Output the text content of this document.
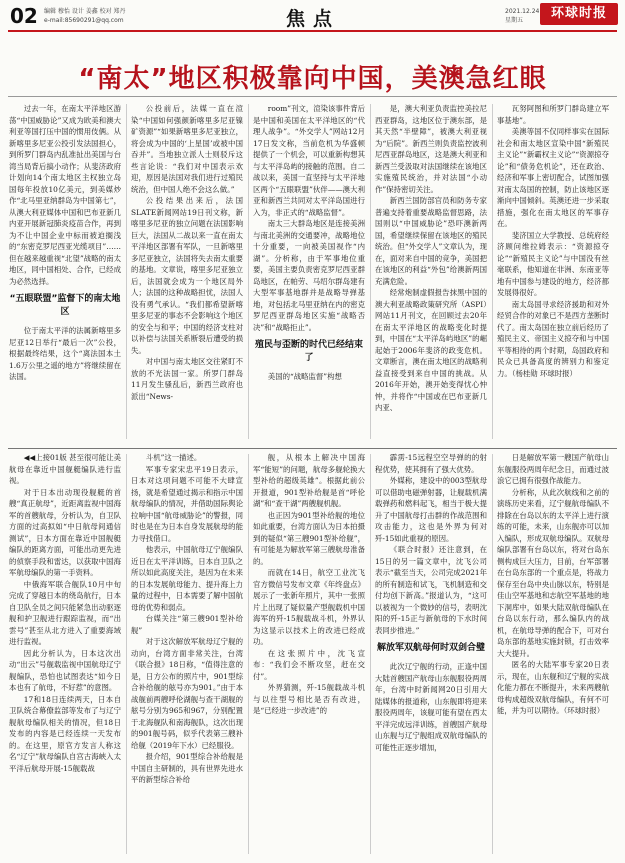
02 编辑 穆怡 设计 姜鑫 校对 郑丹
e-mail:85690291@qq.com	焦点	2021.12.24
星期五	环球时报
“南太”地区积极靠向中国，美澳急红眼

过去一年，在南太平洋地区游荡“中国威胁论”又成为欧美和澳大利亚等国打压中国的惯用伎俩。从新喀里多尼亚公投引发法国担心，到所罗门群岛内乱准扯出美国与台湾当局背后搞小动作；从斐济政府计划向14个南太地区主权独立岛国每年投放10亿美元，到美媒炒作“北马里亚纳群岛为中国第七”，从澳大利亚媒体中国和巴布亚新几内亚开展新冠肺炎疫苗合作，再到为不让中国企业中标而被迫搁浅的“东密克罗尼西亚光缆项目”……但在越来越重视“北望”战略的南太地区，同中国相处、合作，已经成为必然选择。

“五眼联盟”监督下的南太地区

位于南太平洋的法属新喀里多尼亚12日举行“最后一次”公投，根据最终结果，这个“离法国本土1.6万公里之遥的地方”将继续留在法国。

公投前后，法媒一直在渲染“中国如何强颜新喀里多尼亚镍矿资源”“如果新喀里多尼亚独立，将会成为中国的‘上星国’或被中国吞并”。当地独立派人士则驳斥这些言论说：“我们对中国表示欢迎，原因是法国对我们进行过殖民统治，但中国人绝不会这么做。”

公投结果出来后，法国SLATE新闻网站19日刊文称，新喀里多尼亚的独立问题在法国影响巨大，法国从二战以来一直在南太平洋地区部署有军队，一旦新喀里多尼亚独立，法国将失去南太重要的基地。文章说，喀里多尼亚独立后，法国就会成为一个地区局外人；法国的这种战略担忧，法国人没有勇气承认。“我们都希望新喀里多尼亚的事态不会影响这个地区的安全与和平；中国的经济支柱对以补偿与法国关系断裂后遭受的损失。

对中国与南太地区交往紧盯不放的不光法国一家。所罗门群岛11月发生骚乱后，新西兰政府也派出“News-

room”刊文，渲染该事件背后是中国和美国在太平洋地区的“代理人战争”。“外交学人”网站12月17日发文称，当前危机为华盛顿提供了一个机会，可以重新构想其与太平洋岛屿的接触的范围。自二战以来，美国一直坚持与太平洋地区两个“五眼联盟”伙伴——澳大利亚和新西兰共同对太平洋岛国进行入为，非正式的“战略监督”。

南太三大群岛地区是连接美洲与南北美洲的交通要冲，战略地位十分重要，一向被美国视作“内湖”。分析称，由于军事地位重要，美国主要负责密克罗尼西亚群岛地区，在帕劳、马绍尔群岛建有大型军事基地群并是战略导弹基地，对包括北马里亚纳在内的密克罗尼西亚群岛地区实施“战略否决”和“战略拒止”。

殖民与歪断的时代已经结束了

美国的“战略监督”构想

是，澳大利亚负责监控美拉尼西亚群岛，这地区位于澳东部，是其天然“半壁障”，被澳大利亚视为“后院”。新西兰则负责监控波利尼西亚群岛地区，这是澳大利亚和新西兰受汲取对法国继续在该地区实施殖民统治，并对法国“小动作”保持密切关注。

新西兰国防部官员和防务专家普遍支持着重要战略监督思路，法国则以“中国威胁论”恐吓澳新两国，希望继续保留在该地区的殖民统治。但“外交学人”文章认为，现在，面对来自中国的竞争，美国把在该地区的利益“外包”给澳新两国充满危险。

经常炮制虚假报告抹黑中国的澳大利亚战略政策研究所（ASPI）网站11月刊文，在回顾过去20年在南太平洋地区的战略变化时提到，中国在“太平洋岛屿地区”的崛起始于2006年斐济的政变危机。文章断言，澳在南太地区的战略利益直接受到来自中国的挑战。从2016年开始，澳开始变得忧心忡忡，并将作“中国或在巴布亚新几内亚、

瓦努阿图和所罗门群岛建立军事基地”。

美澳等国不仅同样事实在国际社会和南太地区宣染中国“新殖民主义论”“新霸权主义论”“资源掠夺论”和“债务危机论”，还在政治、经济和军事上密切配合，试图加强对南太岛国的控制，防止该地区逐渐向中国倾斜。英澳还进一步采取措施，强化在南太地区的军事存在。

斐济国立大学教授、总统府经济顾问维拉姆表示：“资源掠夺论”“新殖民主义论”与中国没有丝毫联系，他知道在非洲、东南亚等地有中国参与建设的地方，经济都发展得很好。

南太岛国寻求经济援助和对外经贸合作的对象已不是西方垄断时代了。南太岛国在独立前后经历了殖民主义、帝国主义掠夺和与中国平等相待的两个时期，岛国政府和民众已具备高度的辨别力和鉴定力。（杨桂勋 环球时报）

◀◀上接01版 甚至很可能让美航母在靠近中国舰艇编队进行监视。

对于日本出动现役舰艇的首艘“真正航母”，近距离监视中国海军的首艘航母，分析认为，自卫队方面的过高拟如“中日航母间通信测试”，日本方面在靠近中国舰艇编队的距离方面，可能出动更先进的侦察手段和雷达，以获取中国海军航母编队的第一手资料。

中俄海军联合舰队10月中旬完成了穿越日本的绕岛航行，日本自卫队全员之间只能紧急出动驱逐舰和护卫舰进行跟踪监视，而“出雲号”甚至从北方进入了重要海域进行监视。

因此分析认为，日本这次出动“出云”号舰载监视中国航母辽宁舰编队，恐怕也试图表达“如今日本也有了航母，不好惹”的意图。

17和18日连续两天，日本自卫队统合幕僚监部等发布了与辽宁舰航母编队相关的情况，但18日发布的内容是已经连续一天发布的。在这里，原官方发言人称这名“辽宁”航母编队自宫古海峡入太平洋后航母开展-15舰载战

斗机”这一描述。

军事专家宋忠平19日表示，日本对这项问题不可能不大肆宣扬，就是希望通过揭示和指示中国航母编队的情况，并借助国际舆论拉响中国“航母威胁论”的警报，同时也是在为日本自身发展航母的能力寻找借口。

他表示，中国航母辽宁舰编队近日在太平洋训练，日本自卫队之所以如此高度关注，是因为在未来的日本发展航母能力、提升海上力量的过程中，日本需要了解中国航母的优势和弱点。

台媒关注“第三艘901型补给舰”

对于这次解放军航母辽宁舰的动向，台湾方面非常关注，台湾《联合报》18日称，“值得注意的是，日方公布的照片中，901型综合补给舰的舷号亦为901。”由于本战舰前两艘呼伦湖舰与查干湖舰的舷号分别为965和967，分别配置于北海舰队和南海舰队，这次出现的901舰号码，似乎代表第三艘补给舰（2019年下水）已经服役。

报介绍，901型综合补给舰是中国自主研制的，具有世界先进水平的新型综合补给

舰，从根本上解决中国海军“能短”的问题，航母多舰轮换大型补给的超级英雄”。根据此前公开报道，901型补给舰是首“呼伦湖”和“查干湖”两艘舰机舰。

也正因为901型补给舰的地位如此重要，台湾方面认为日本拍摄到的疑似“第三艘901型补给舰”，有可能是为解放军第三艘航母准备的。

而就在14日，航空工业沈飞官方微信号发布文章《年终盘点》展示了一张新年照片，其中一张照片上出现了疑似量产型舰载机中国海军的歼-15舰载战斗机，外界认为这显示以技术上的改进已经成功。

在这张照片中，沈飞宣布：“我们会不断攻坚，赶在交付”。

外界猜测，歼-15舰载战斗机与以往型号相比是否有改进，是“已经进一步改进”的

霹雳-15远程空空导弹的的射程优势，使其拥有了强大优势。

外媒称，建设中的003型航母可以借助电磁弹射器，让舰载机满载弹药和燃料起飞，相当于极大提升了中国航母打击群的作战范围和攻击能力，这也是外界为何对歼-15如此重视的原因。

《联合时报》还注意到，在15日的另一篇文章中，沈飞公司表示“截至当天，公司完成2021年的所有制造和试飞，飞机制造和交付均创下新高。”报道认为，“这可以被视为一个微妙的信号，表明沈阳的歼-15正与新航母的下水时间表同步推进。”

解放军双航母何时双剑合璧

此次辽宁舰的行动，正逢中国大陆首艘国产航母山东舰服役两周年，台湾中时新闻网20日引用大陆媒体的报道称，山东舰即将迎来服役两周年，该舰可能有望在西太平洋完成远洋训练，首艘国产航母山东舰与辽宁舰组成双航母编队的可能性正逐步增加，

日是解放军第一艘国产航母山东舰服役两周年纪念日，而通过波浪它已拥有很强作战能力。

分析称，从此次航线和之前的演练历史来看，辽宁舰航母编队不排除在台岛以东的太平洋上进行演练的可能，未来，山东舰亦可以加入编队，形成双航母编队。双航母编队部署有台岛以东，将对台岛东侧构成巨大压力，目前，台军部署在台岛东部的一个重点是，将战力保存至台岛中央山脉以东，特别是佳山空军基地和志航空军基地的地下洞库中，如果大陆双航母编队在台岛以东行动，那么编队内的战机，在航母导弹的配合下，可对台岛东部的基地实施封锁，打击效率大大提升。

匿名的大陆军事专家20日表示，现在，山东舰和辽宁舰的实战化能力都在不断提升，未来两艘航母构成超级双航母编队，有何不可能，并为可以期待。（环球时报）
